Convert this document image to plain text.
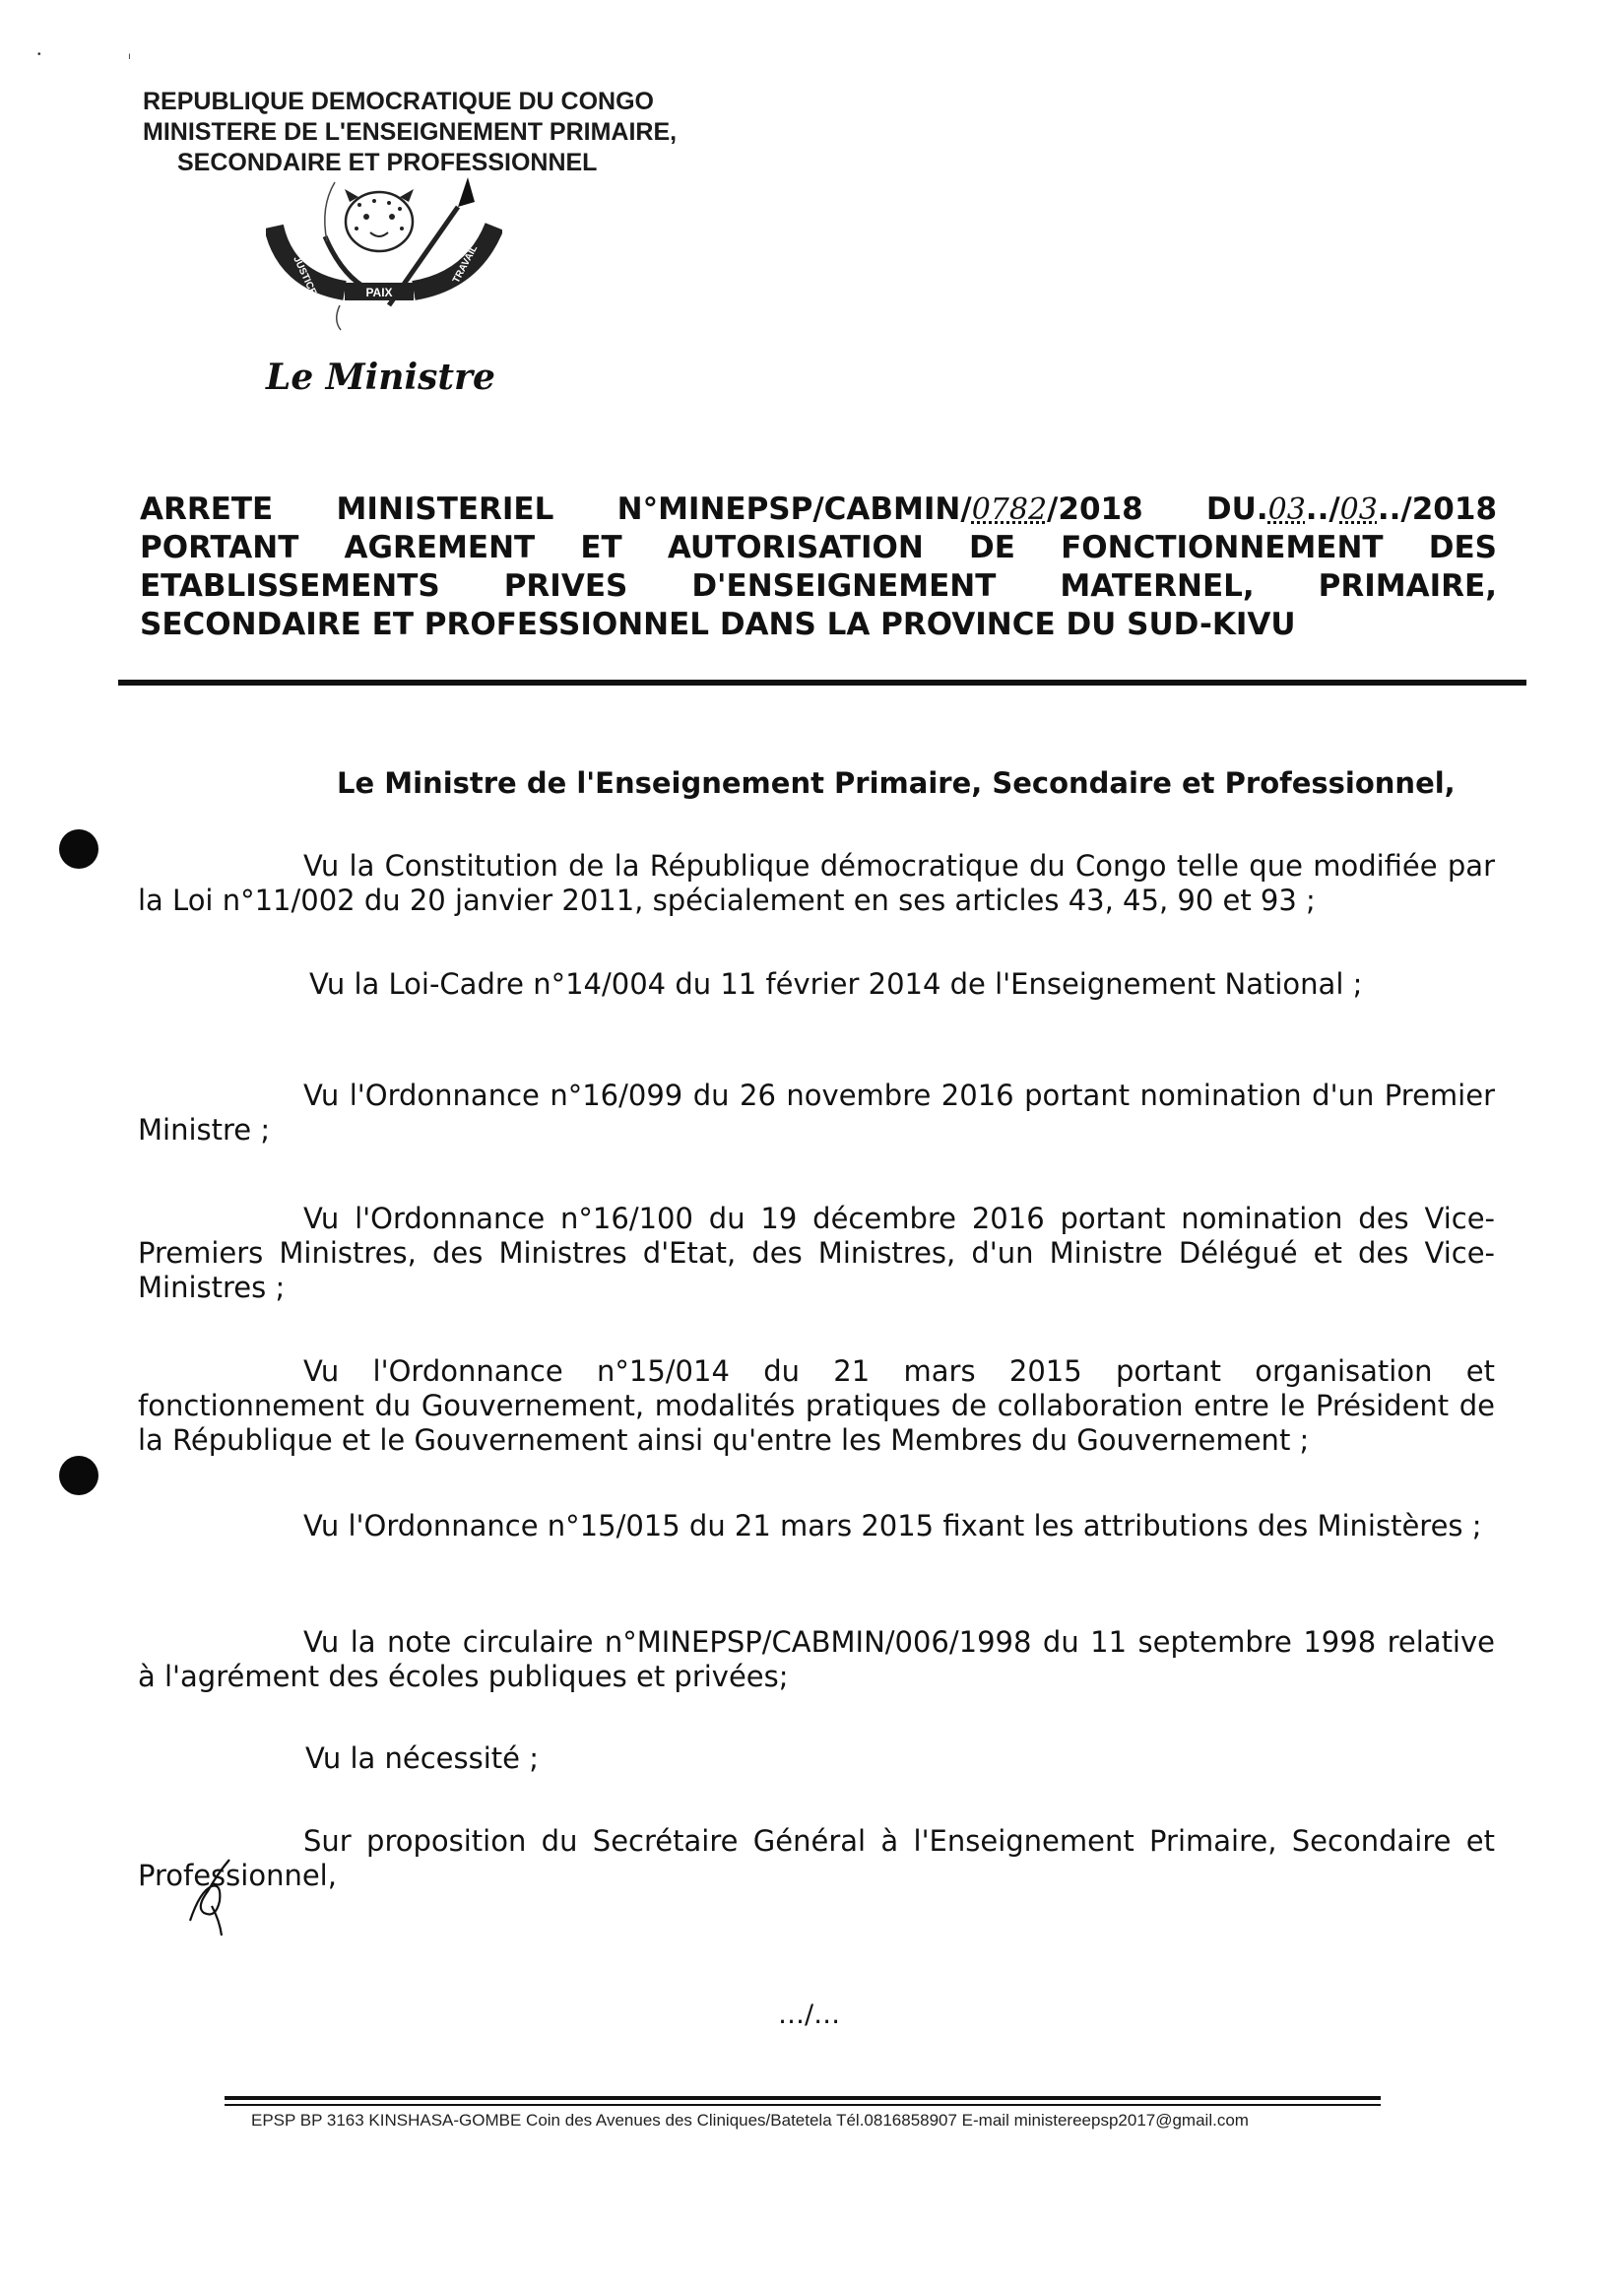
•	ı
REPUBLIQUE DEMOCRATIQUE DU CONGO
MINISTERE DE L'ENSEIGNEMENT PRIMAIRE,
SECONDAIRE ET PROFESSIONNEL
PAIX
JUSTICE	TRAVAIL
Le Ministre
ARRETE MINISTERIEL N°MINEPSP/CABMIN/0782/2018 DU.03../03../2018
PORTANT AGREMENT ET AUTORISATION DE FONCTIONNEMENT DES
ETABLISSEMENTS PRIVES D'ENSEIGNEMENT MATERNEL, PRIMAIRE,
SECONDAIRE ET PROFESSIONNEL DANS LA PROVINCE DU SUD-KIVU
Le Ministre de l'Enseignement Primaire, Secondaire et Professionnel,
Vu la Constitution de la République démocratique du Congo telle que modifiée par la Loi n°11/002 du 20 janvier 2011, spécialement en ses articles 43, 45, 90 et 93 ;
Vu la Loi-Cadre n°14/004 du 11 février 2014 de l'Enseignement National ;
Vu l'Ordonnance n°16/099 du 26 novembre 2016 portant nomination d'un Premier Ministre ;
Vu l'Ordonnance n°16/100 du 19 décembre 2016 portant nomination des Vice-Premiers Ministres, des Ministres d'Etat, des Ministres, d'un Ministre Délégué et des Vice-Ministres ;
Vu l'Ordonnance n°15/014 du 21 mars 2015 portant organisation et fonctionnement du Gouvernement, modalités pratiques de collaboration entre le Président de la République et le Gouvernement ainsi qu'entre les Membres du Gouvernement ;
Vu l'Ordonnance n°15/015 du 21 mars 2015 fixant les attributions des Ministères ;
Vu la note circulaire n°MINEPSP/CABMIN/006/1998 du 11 septembre 1998 relative à l'agrément des écoles publiques et privées;
Vu la nécessité ;
Sur proposition du Secrétaire Général à l'Enseignement Primaire, Secondaire et Professionnel,
…/…
EPSP BP 3163 KINSHASA-GOMBE Coin des Avenues des Cliniques/Batetela Tél.0816858907 E-mail ministereepsp2017@gmail.com
